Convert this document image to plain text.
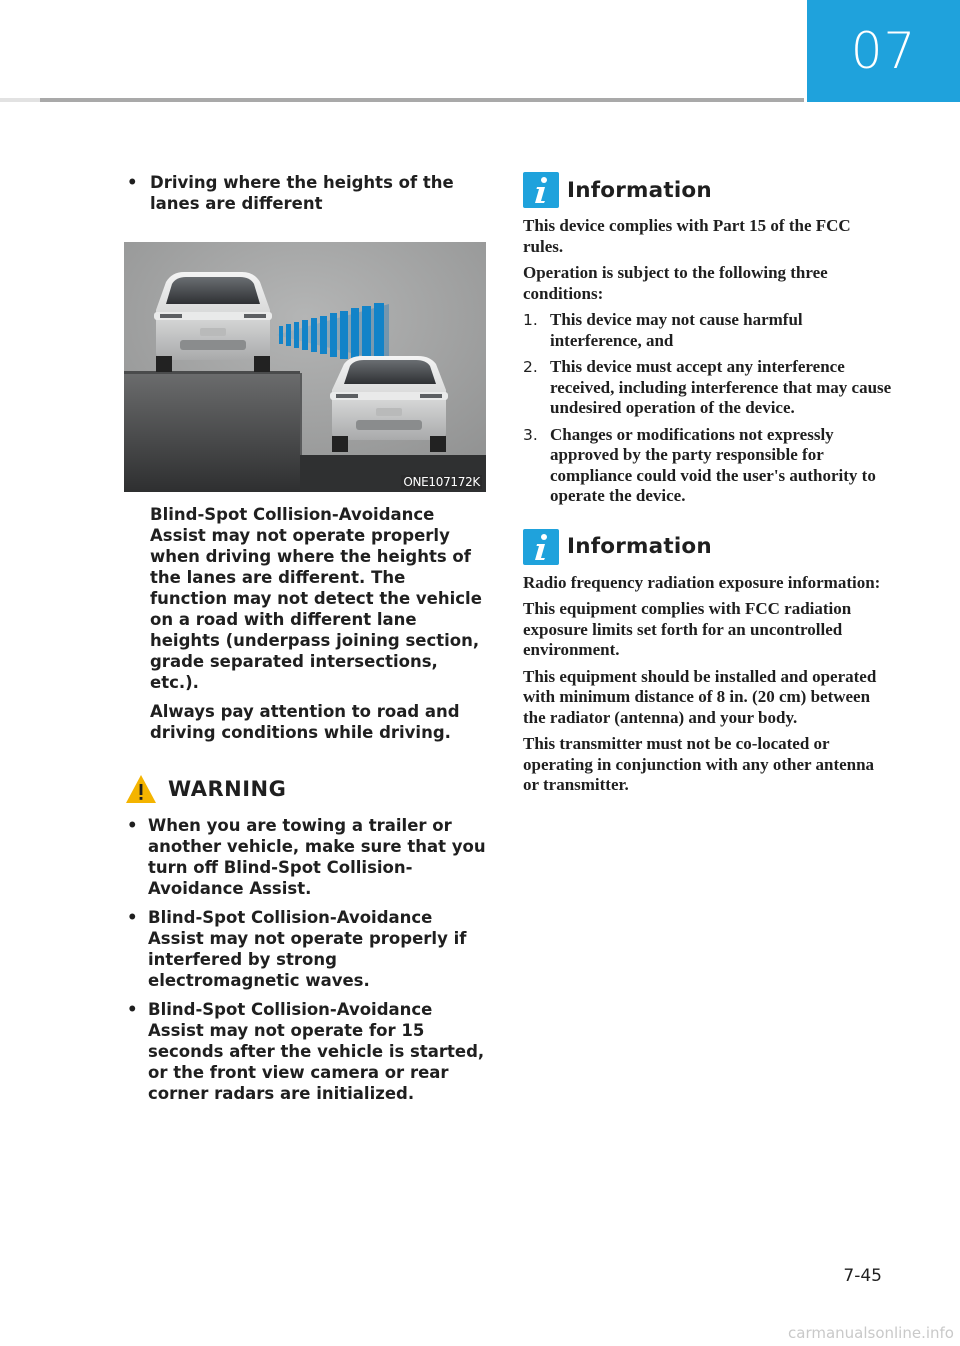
07
• Driving where the heights of the lanes are different
ONE107172K
Blind-Spot Collision-Avoidance Assist may not operate properly when driving where the heights of the lanes are different. The function may not detect the vehicle on a road with different lane heights (underpass joining section, grade separated intersections, etc.).
Always pay attention to road and driving conditions while driving.
WARNING
• When you are towing a trailer or another vehicle, make sure that you turn off Blind-Spot Collision-Avoidance Assist.
• Blind-Spot Collision-Avoidance Assist may not operate properly if interfered by strong electromagnetic waves.
• Blind-Spot Collision-Avoidance Assist may not operate for 15 seconds after the vehicle is started, or the front view camera or rear corner radars are initialized.
Information
This device complies with Part 15 of the FCC rules.
Operation is subject to the following three conditions:
1. This device may not cause harmful interference, and
2. This device must accept any interference received, including interference that may cause undesired operation of the device.
3. Changes or modifications not expressly approved by the party responsible for compliance could void the user's authority to operate the device.
Information
Radio frequency radiation exposure information:
This equipment complies with FCC radiation exposure limits set forth for an uncontrolled environment.
This equipment should be installed and operated with minimum distance of 8 in. (20 cm) between the radiator (antenna) and your body.
This transmitter must not be co-located or operating in conjunction with any other antenna or transmitter.
7-45
carmanualsonline.info
